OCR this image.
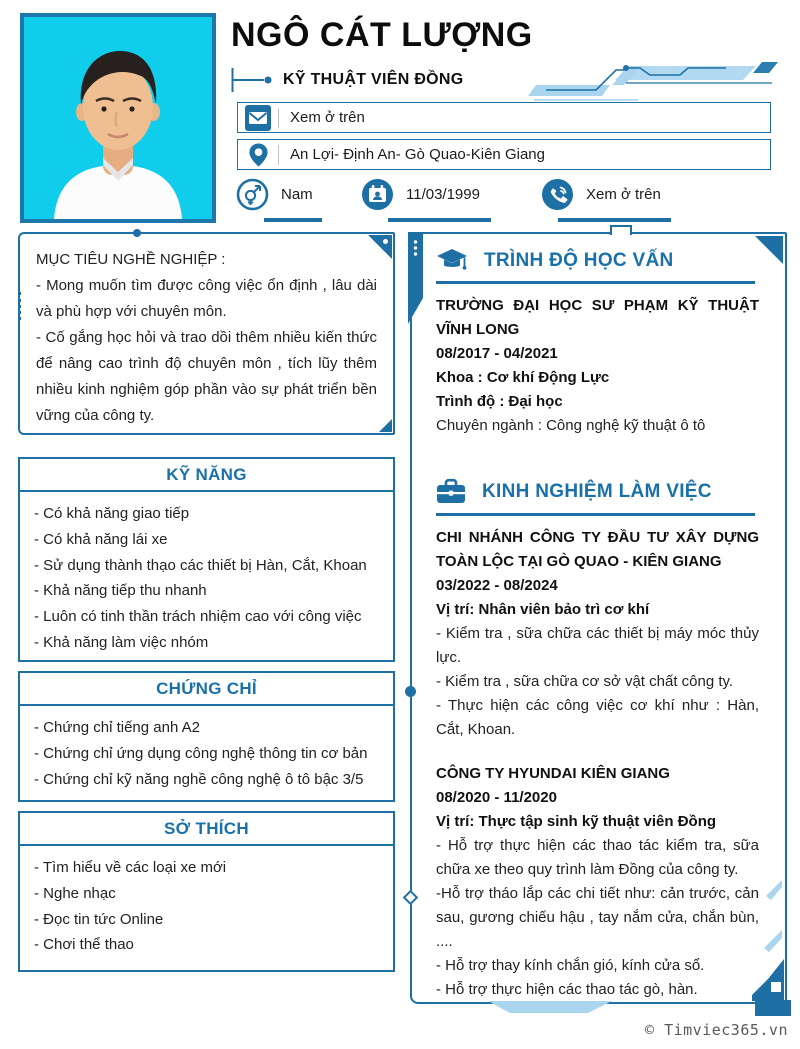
NGÔ CÁT LƯỢNG
KỸ THUẬT VIÊN ĐỒNG
Xem ở trên
An Lợi- Định An- Gò Quao-Kiên Giang
Nam	11/03/1999	Xem ở trên

MỤC TIÊU NGHỀ NGHIỆP :

- Mong muốn tìm được công việc ổn định , lâu dài và phù hợp với chuyên môn.

- Cố gắng học hỏi và trao dồi thêm nhiều kiến thức để nâng cao trình độ chuyên môn , tích lũy thêm nhiều kinh nghiệm góp phần vào sự phát triển bền vững của công ty.

KỸ NĂNG
- Có khả năng giao tiếp
- Có khả năng lái xe
- Sử dụng thành thạo các thiết bị Hàn, Cắt, Khoan
- Khả năng tiếp thu nhanh
- Luôn có tinh thần trách nhiệm cao với công việc
- Khả năng làm việc nhóm
CHỨNG CHỈ
- Chứng chỉ tiếng anh A2
- Chứng chỉ ứng dụng công nghệ thông tin cơ bản
- Chứng chỉ kỹ năng nghề công nghệ ô tô bậc 3/5
SỞ THÍCH
- Tìm hiểu về các loại xe mới
- Nghe nhạc
- Đọc tin tức Online
- Chơi thể thao
TRÌNH ĐỘ HỌC VẤN

TRƯỜNG ĐẠI HỌC SƯ PHẠM KỸ THUẬT VĨNH LONG

08/2017 - 04/2021

Khoa : Cơ khí Động Lực

Trình độ : Đại học

Chuyên ngành : Công nghệ kỹ thuật ô tô

KINH NGHIỆM LÀM VIỆC

CHI NHÁNH CÔNG TY ĐẦU TƯ XÂY DỰNG TOÀN LỘC TẠI GÒ QUAO - KIÊN GIANG

03/2022 - 08/2024

Vị trí: Nhân viên bảo trì cơ khí

- Kiểm tra , sữa chữa các thiết bị máy móc thủy lực.

- Kiểm tra , sữa chữa cơ sở vật chất công ty.

- Thực hiện các công việc cơ khí như : Hàn, Cắt, Khoan.

CÔNG TY HYUNDAI KIÊN GIANG

08/2020 - 11/2020

Vị trí: Thực tập sinh kỹ thuật viên Đồng

- Hỗ trợ thực hiện các thao tác kiểm tra, sữa chữa xe theo quy trình làm Đồng của công ty.

-Hỗ trợ tháo lắp các chi tiết như: cản trước, cản sau, gương chiếu hậu , tay nắm cửa, chắn bùn, ....

- Hỗ trợ thay kính chắn gió, kính cửa sổ.

- Hỗ trợ thực hiện các thao tác gò, hàn.

© Timviec365.vn
